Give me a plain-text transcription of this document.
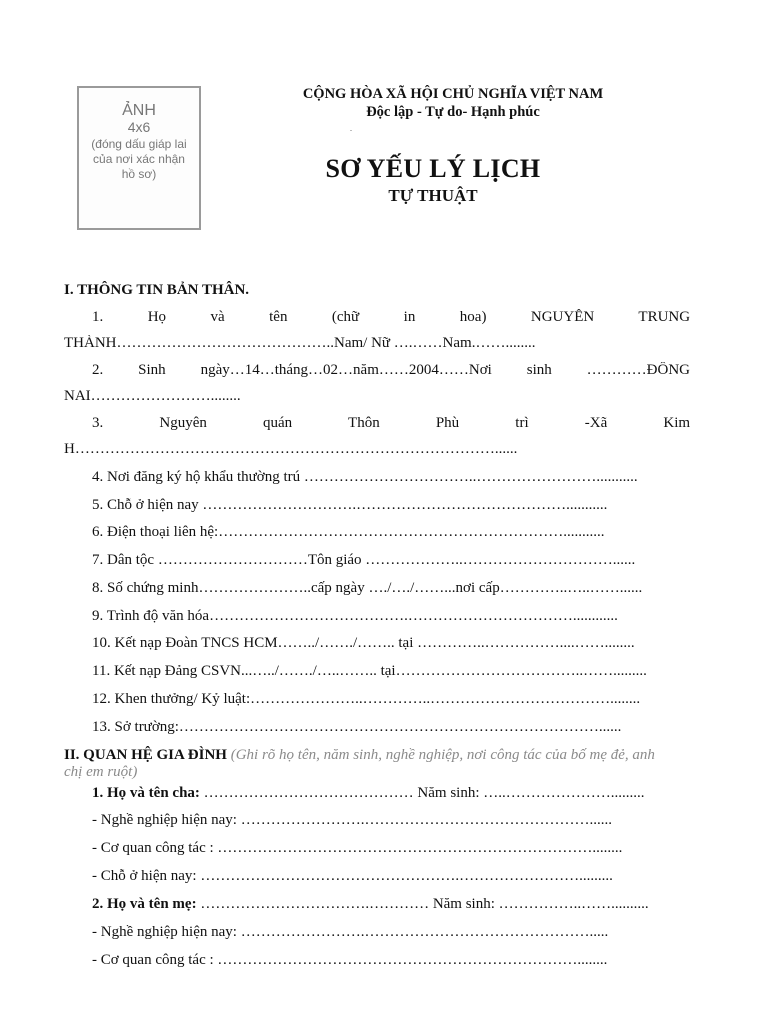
ẢNH
4x6
(đóng dấu giáp lai của nơi xác nhận hồ sơ)
CỘNG HÒA XÃ HỘI CHỦ NGHĨA VIỆT NAM
Độc lập - Tự do- Hạnh phúc
.
SƠ YẾU LÝ LỊCH
TỰ THUẬT
I. THÔNG TIN BẢN THÂN.
1.	Họ	và	tên	(chữ	in	hoa)	NGUYỄN	TRUNG
THÀNH……………………………………..Nam/ Nữ ….……Nam.……........
2. Sinh ngày…14…tháng…02…năm……2004……Nơi sinh …………ĐỒNG
NAI……………………........
3.	Nguyên	quán	Thôn	Phù	trì	-Xã	Kim
H…………………………………………………………………………......
4. Nơi đăng ký hộ khẩu thường trú ……………………………..……………………...........
5. Chỗ ở hiện nay ………………………….……………………………………...........
6. Điện thoại liên hệ:……………………………………………………………...........
7. Dân tộc …………………………Tôn giáo ………………..…………………………......
8. Số chứng minh…………………..cấp ngày …./…./……...nơi cấp…………..…..……......
9. Trình độ văn hóa………………………………….……………………………............
10. Kết nạp Đoàn TNCS HCM……../……./…….. tại …………..……………....……........
11. Kết nạp Đảng CSVN...…../……./…..…….. tại………………………………..…….........
12. Khen thưởng/ Kỷ luật:…………………..…………..………………………………........
13. Sở trường:…………………………………………………………………………......
II. QUAN HỆ GIA ĐÌNH (Ghi rõ họ tên, năm sinh, nghề nghiệp, nơi công tác của bố mẹ đẻ, anh
chị em ruột)
1. Họ và tên cha: …………………………………… Năm sinh: …..………………….........
- Nghề nghiệp hiện nay: …………………….………………………………………......
- Cơ quan công tác : …………………………………………………………………........
- Chỗ ở hiện nay: …………………………………………….…………………….........
2. Họ và tên mẹ: …………………………….………… Năm sinh: ……………..……..........
- Nghề nghiệp hiện nay: …………………….……………………………………….....
- Cơ quan công tác : ………………………………………………………………........
